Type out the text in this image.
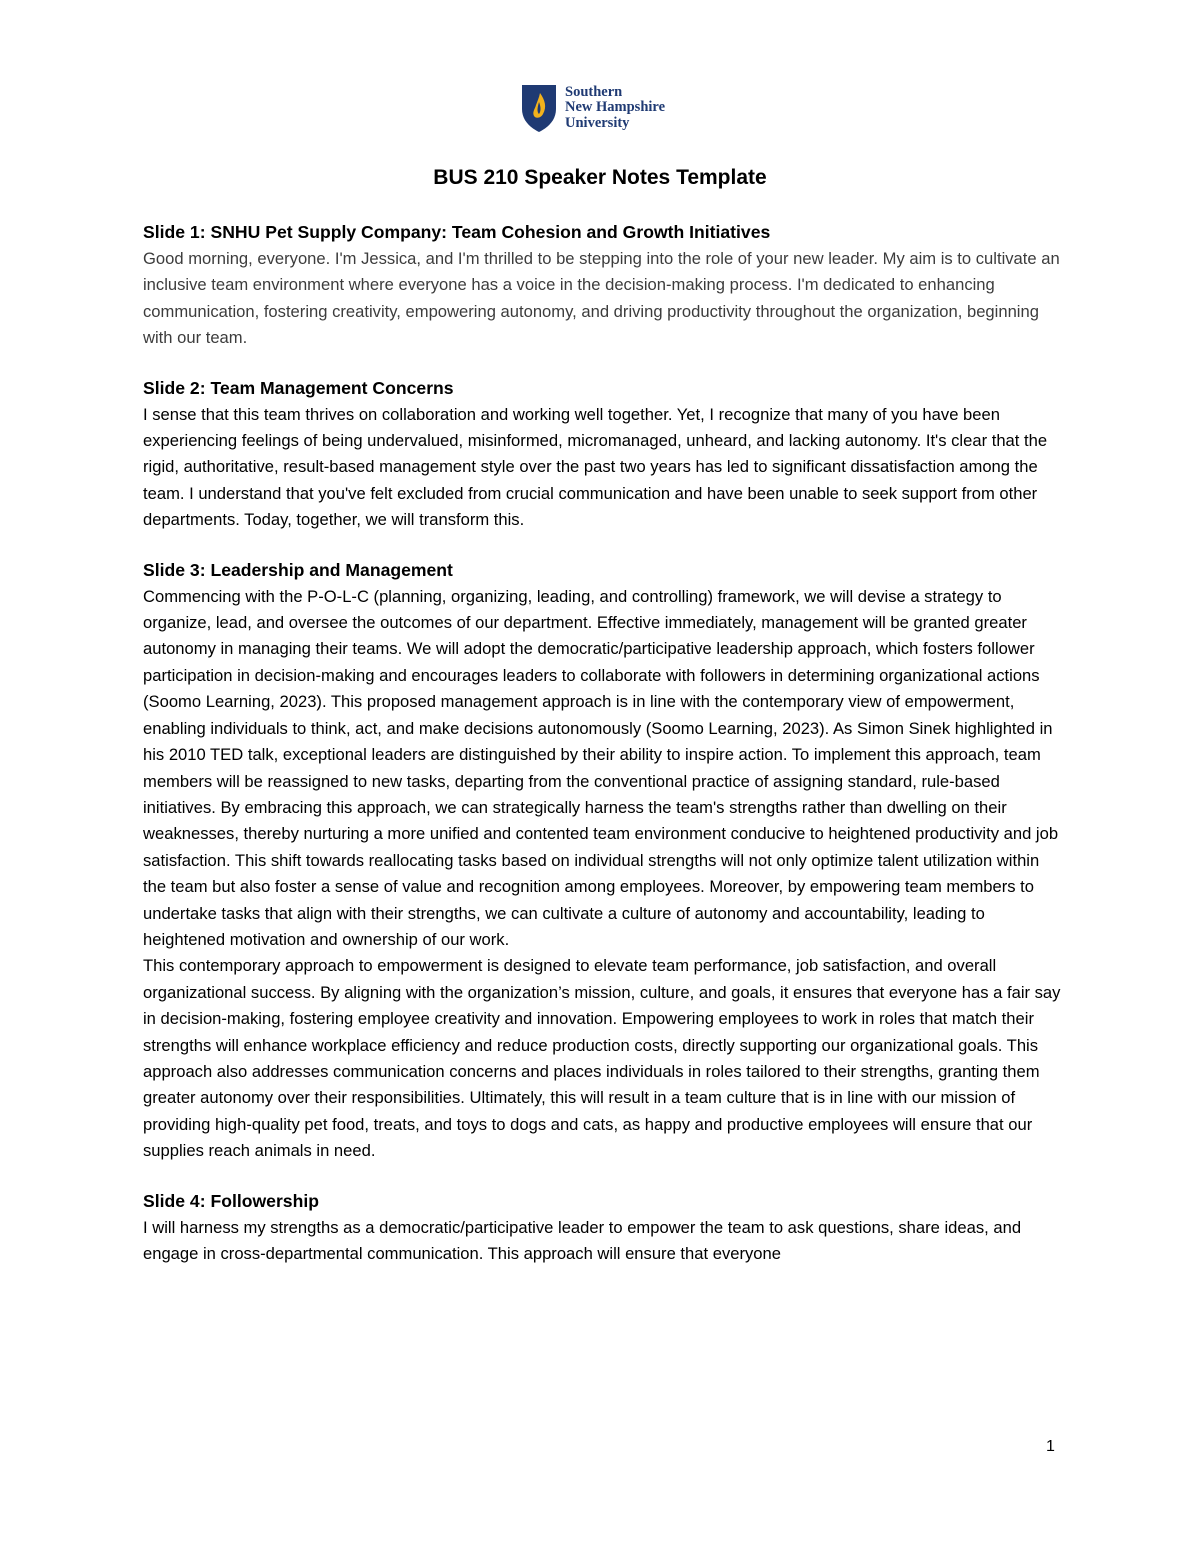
Southern
New Hampshire
University
BUS 210 Speaker Notes Template

Slide 1: SNHU Pet Supply Company: Team Cohesion and Growth Initiatives

Good morning, everyone. I'm Jessica, and I'm thrilled to be stepping into the role of your new leader. My aim is to cultivate an inclusive team environment where everyone has a voice in the decision-making process. I'm dedicated to enhancing communication, fostering creativity, empowering autonomy, and driving productivity throughout the organization, beginning with our team.

Slide 2: Team Management Concerns

I sense that this team thrives on collaboration and working well together. Yet, I recognize that many of you have been experiencing feelings of being undervalued, misinformed, micromanaged, unheard, and lacking autonomy. It's clear that the rigid, authoritative, result-based management style over the past two years has led to significant dissatisfaction among the team. I understand that you've felt excluded from crucial communication and have been unable to seek support from other departments. Today, together, we will transform this.

Slide 3: Leadership and Management

Commencing with the P-O-L-C (planning, organizing, leading, and controlling) framework, we will devise a strategy to organize, lead, and oversee the outcomes of our department. Effective immediately, management will be granted greater autonomy in managing their teams. We will adopt the democratic/participative leadership approach, which fosters follower participation in decision-making and encourages leaders to collaborate with followers in determining organizational actions (Soomo Learning, 2023). This proposed management approach is in line with the contemporary view of empowerment, enabling individuals to think, act, and make decisions autonomously (Soomo Learning, 2023). As Simon Sinek highlighted in his 2010 TED talk, exceptional leaders are distinguished by their ability to inspire action. To implement this approach, team members will be reassigned to new tasks, departing from the conventional practice of assigning standard, rule-based initiatives. By embracing this approach, we can strategically harness the team's strengths rather than dwelling on their weaknesses, thereby nurturing a more unified and contented team environment conducive to heightened productivity and job satisfaction. This shift towards reallocating tasks based on individual strengths will not only optimize talent utilization within the team but also foster a sense of value and recognition among employees. Moreover, by empowering team members to undertake tasks that align with their strengths, we can cultivate a culture of autonomy and accountability, leading to heightened motivation and ownership of our work.

This contemporary approach to empowerment is designed to elevate team performance, job satisfaction, and overall organizational success. By aligning with the organization’s mission, culture, and goals, it ensures that everyone has a fair say in decision-making, fostering employee creativity and innovation. Empowering employees to work in roles that match their strengths will enhance workplace efficiency and reduce production costs, directly supporting our organizational goals. This approach also addresses communication concerns and places individuals in roles tailored to their strengths, granting them greater autonomy over their responsibilities. Ultimately, this will result in a team culture that is in line with our mission of providing high-quality pet food, treats, and toys to dogs and cats, as happy and productive employees will ensure that our supplies reach animals in need.

Slide 4: Followership

I will harness my strengths as a democratic/participative leader to empower the team to ask questions, share ideas, and engage in cross-departmental communication. This approach will ensure that everyone

1
